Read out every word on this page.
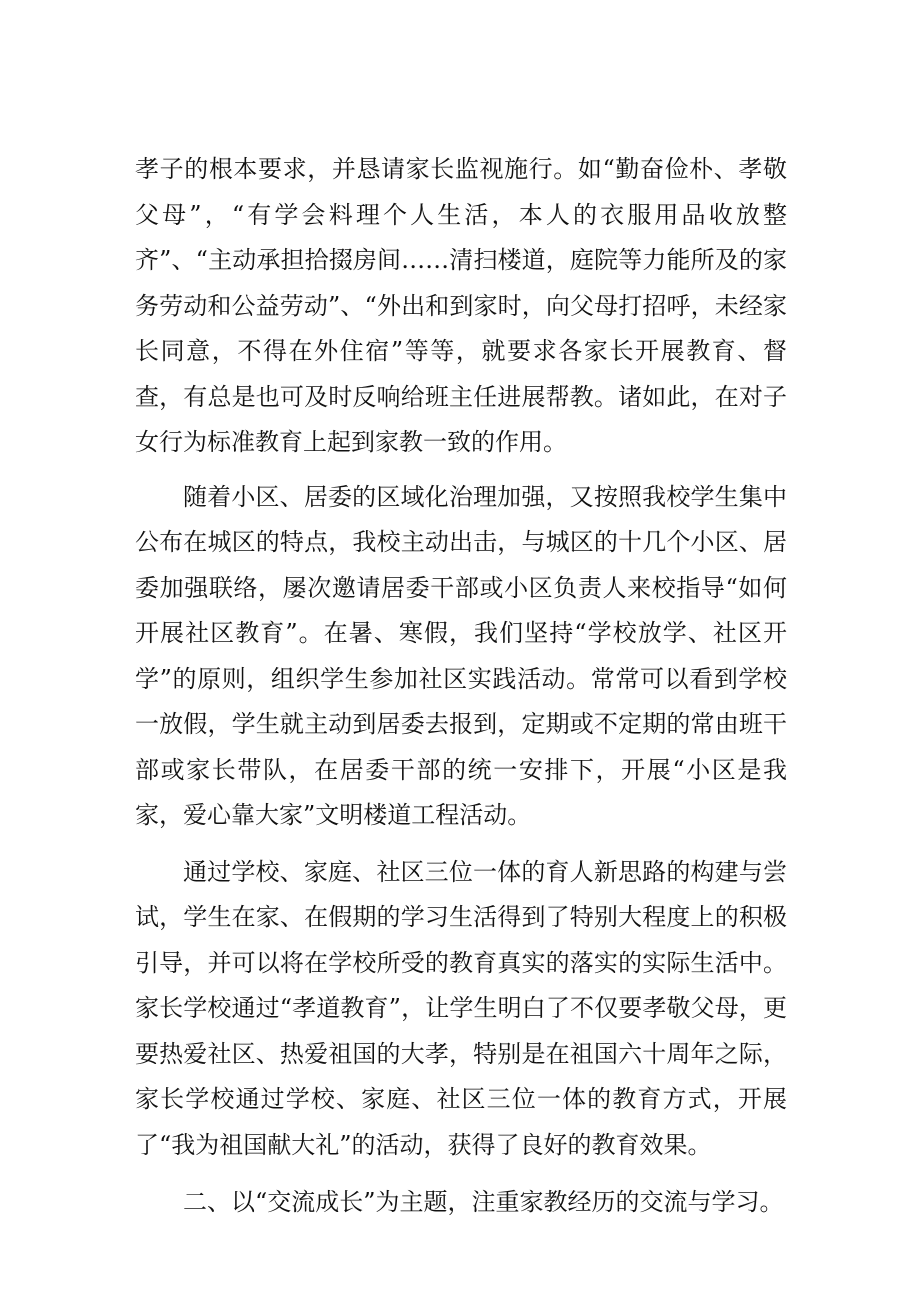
孝子的根本要求，并恳请家长监视施行。如“勤奋俭朴、孝敬父母”，“有学会料理个人生活，本人的衣服用品收放整齐”、“主动承担拾掇房间……清扫楼道，庭院等力能所及的家务劳动和公益劳动”、“外出和到家时，向父母打招呼，未经家长同意，不得在外住宿”等等，就要求各家长开展教育、督查，有总是也可及时反响给班主任进展帮教。诸如此，在对子女行为标准教育上起到家教一致的作用。

随着小区、居委的区域化治理加强，又按照我校学生集中公布在城区的特点，我校主动出击，与城区的十几个小区、居委加强联络，屡次邀请居委干部或小区负责人来校指导“如何开展社区教育”。在暑、寒假，我们坚持“学校放学、社区开学”的原则，组织学生参加社区实践活动。常常可以看到学校一放假，学生就主动到居委去报到，定期或不定期的常由班干部或家长带队，在居委干部的统一安排下，开展“小区是我家，爱心靠大家”文明楼道工程活动。

通过学校、家庭、社区三位一体的育人新思路的构建与尝试，学生在家、在假期的学习生活得到了特别大程度上的积极引导，并可以将在学校所受的教育真实的落实的实际生活中。家长学校通过“孝道教育”，让学生明白了不仅要孝敬父母，更要热爱社区、热爱祖国的大孝，特别是在祖国六十周年之际，家长学校通过学校、家庭、社区三位一体的教育方式，开展了“我为祖国献大礼”的活动，获得了良好的教育效果。

二、以“交流成长”为主题，注重家教经历的交流与学习。
